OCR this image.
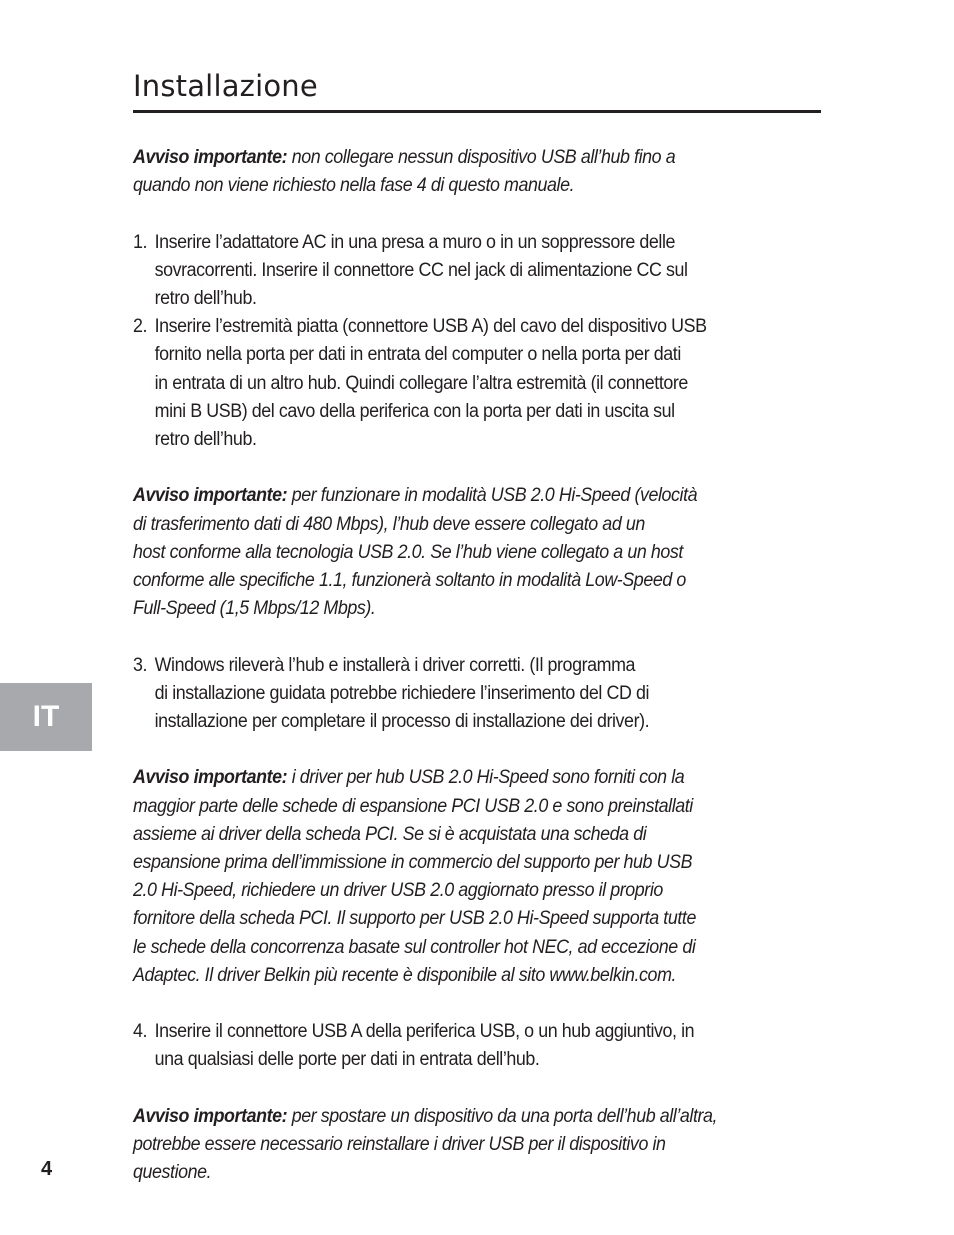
Installazione

Avviso importante: non collegare nessun dispositivo USB all’hub fino a
quando non viene richiesto nella fase 4 di questo manuale.

1. Inserire l’adattatore AC in una presa a muro o in un soppressore delle
sovracorrenti. Inserire il connettore CC nel jack di alimentazione CC sul
retro dell’hub.
2. Inserire l’estremità piatta (connettore USB A) del cavo del dispositivo USB
fornito nella porta per dati in entrata del computer o nella porta per dati
in entrata di un altro hub. Quindi collegare l’altra estremità (il connettore
mini B USB) del cavo della periferica con la porta per dati in uscita sul
retro dell’hub.

Avviso importante: per funzionare in modalità USB 2.0 Hi-Speed (velocità
di trasferimento dati di 480 Mbps), l’hub deve essere collegato ad un
host conforme alla tecnologia USB 2.0. Se l’hub viene collegato a un host
conforme alle specifiche 1.1, funzionerà soltanto in modalità Low-Speed o
Full-Speed (1,5 Mbps/12 Mbps).

3. Windows rileverà l’hub e installerà i driver corretti. (Il programma
di installazione guidata potrebbe richiedere l’inserimento del CD di
installazione per completare il processo di installazione dei driver).

Avviso importante: i driver per hub USB 2.0 Hi-Speed sono forniti con la
maggior parte delle schede di espansione PCI USB 2.0 e sono preinstallati
assieme ai driver della scheda PCI. Se si è acquistata una scheda di
espansione prima dell’immissione in commercio del supporto per hub USB
2.0 Hi-Speed, richiedere un driver USB 2.0 aggiornato presso il proprio
fornitore della scheda PCI. Il supporto per USB 2.0 Hi-Speed supporta tutte
le schede della concorrenza basate sul controller hot NEC, ad eccezione di
Adaptec. Il driver Belkin più recente è disponibile al sito www.belkin.com.

4. Inserire il connettore USB A della periferica USB, o un hub aggiuntivo, in
una qualsiasi delle porte per dati in entrata dell’hub.

Avviso importante: per spostare un dispositivo da una porta dell’hub all’altra,
potrebbe essere necessario reinstallare i driver USB per il dispositivo in
questione.

IT
4
